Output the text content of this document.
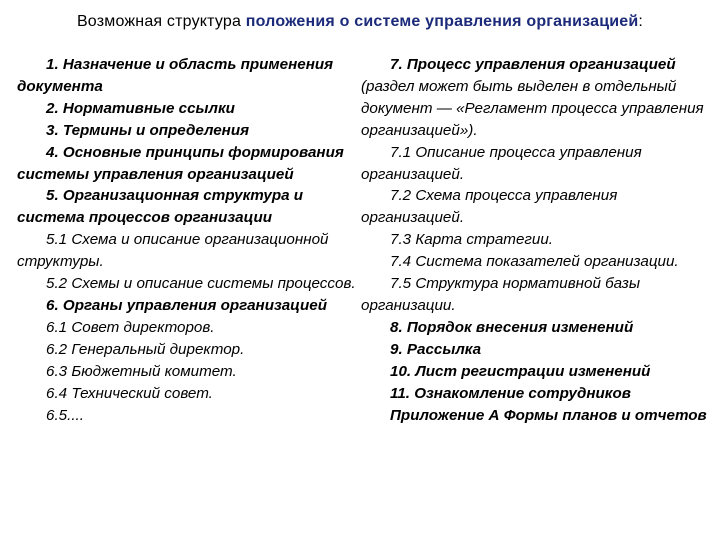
Возможная структура положения о системе управления организацией:

1. Назначение и область применения документа

2. Нормативные ссылки

3. Термины и определения

4. Основные принципы формирования системы управления организацией

5. Организационная структура и система процессов организации

5.1 Схема и описание организационной структуры.

5.2 Схемы и описание системы процессов.

6. Органы управления организацией

6.1 Совет директоров.

6.2 Генеральный директор.

6.3 Бюджетный комитет.

6.4 Технический совет.

6.5....

7. Процесс управления организацией (раздел может быть выделен в отдельный документ — «Регламент процесса управления организацией»).

7.1 Описание процесса управления организацией.

7.2 Схема процесса управления организацией.

7.3 Карта стратегии.

7.4 Система показателей организации.

7.5 Структура нормативной базы организации.

8. Порядок внесения изменений

9. Рассылка

10. Лист регистрации изменений

11. Ознакомление сотрудников

Приложение А Формы планов и отчетов
